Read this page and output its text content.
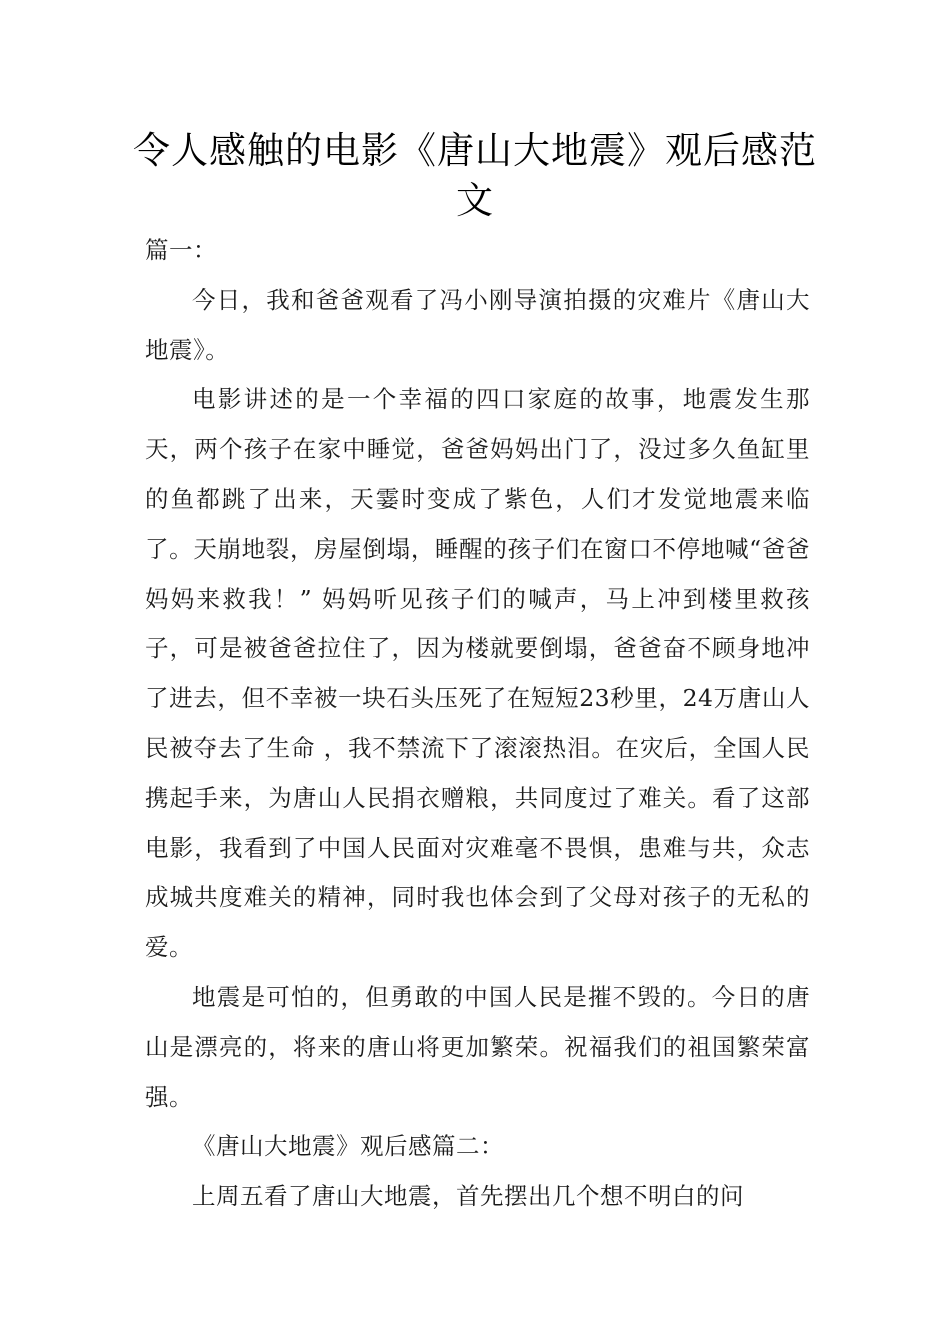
令人感触的电影《唐山大地震》观后感范文

篇一：

今日，我和爸爸观看了冯小刚导演拍摄的灾难片《唐山大地震》。

电影讲述的是一个幸福的四口家庭的故事，地震发生那天，两个孩子在家中睡觉，爸爸妈妈出门了，没过多久鱼缸里的鱼都跳了出来，天霎时变成了紫色，人们才发觉地震来临了。天崩地裂，房屋倒塌，睡醒的孩子们在窗口不停地喊“爸爸妈妈来救我！” 妈妈听见孩子们的喊声，马上冲到楼里救孩子，可是被爸爸拉住了，因为楼就要倒塌，爸爸奋不顾身地冲了进去，但不幸被一块石头压死了在短短23秒里，24万唐山人民被夺去了生命 ，我不禁流下了滚滚热泪。在灾后，全国人民携起手来，为唐山人民捐衣赠粮，共同度过了难关。看了这部电影，我看到了中国人民面对灾难毫不畏惧，患难与共，众志成城共度难关的精神，同时我也体会到了父母对孩子的无私的爱。

地震是可怕的，但勇敢的中国人民是摧不毁的。今日的唐山是漂亮的，将来的唐山将更加繁荣。祝福我们的祖国繁荣富强。

《唐山大地震》观后感篇二：

上周五看了唐山大地震，首先摆出几个想不明白的问
